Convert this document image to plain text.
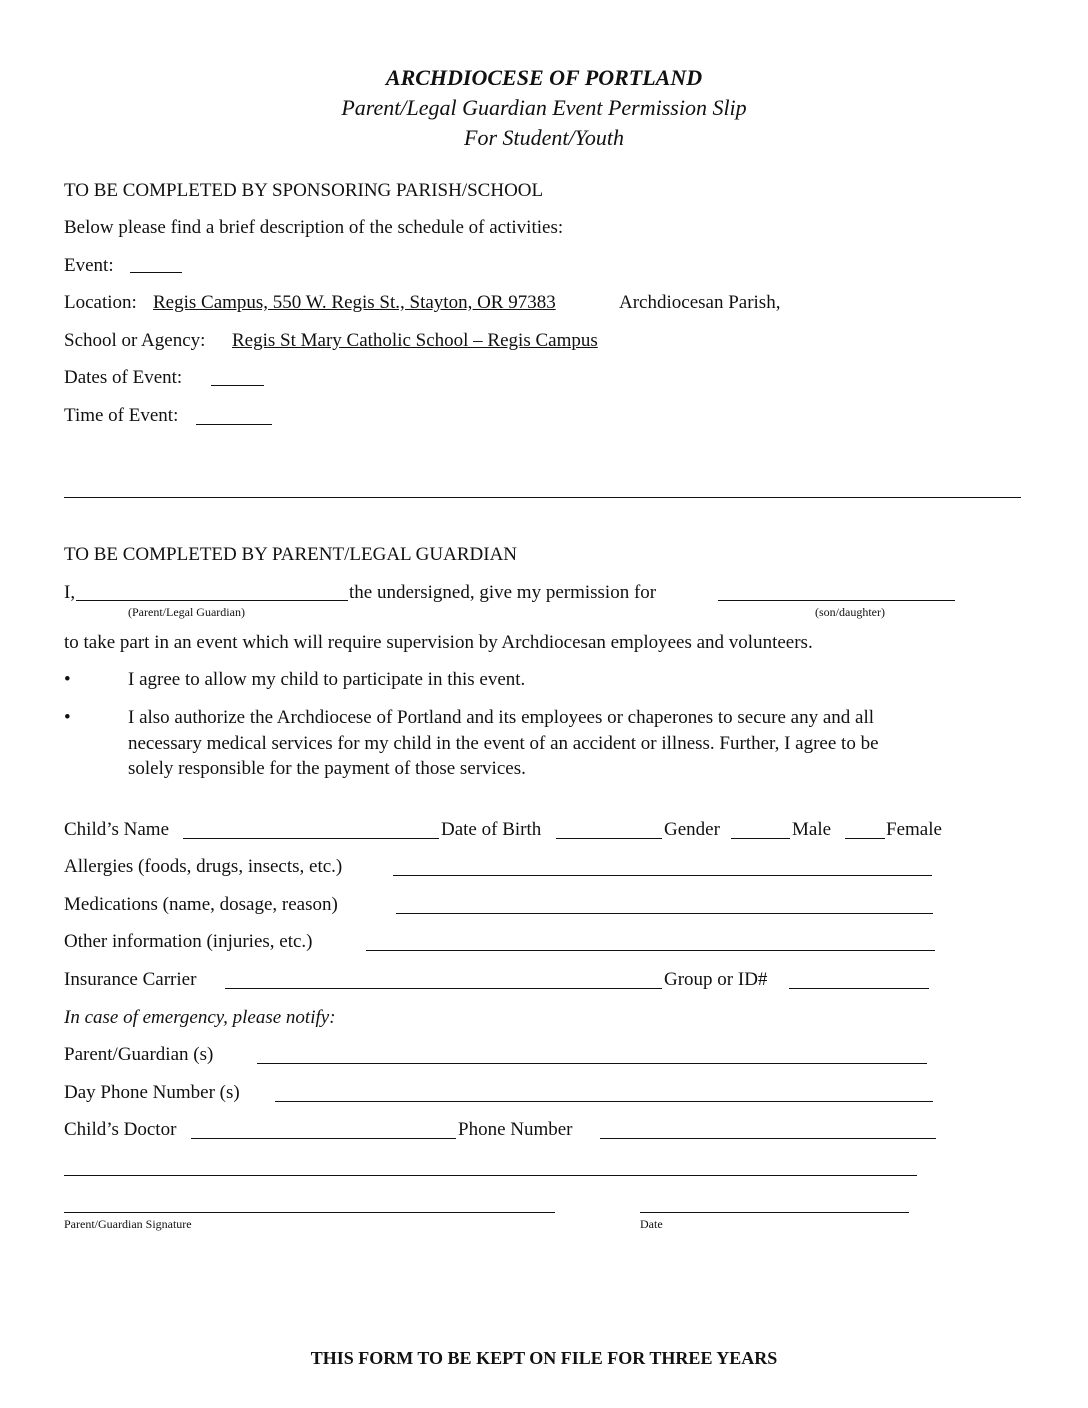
ARCHDIOCESE OF PORTLAND
Parent/Legal Guardian Event Permission Slip
For Student/Youth
TO BE COMPLETED BY SPONSORING PARISH/SCHOOL
Below please find a brief description of the schedule of activities:
Event:
Location: Regis Campus, 550 W. Regis St., Stayton, OR 97383	Archdiocesan Parish,
School or Agency: Regis St Mary Catholic School – Regis Campus
Dates of Event:
Time of Event:
TO BE COMPLETED BY PARENT/LEGAL GUARDIAN
I,	the undersigned, give my permission for
(Parent/Legal Guardian)	(son/daughter)
to take part in an event which will require supervision by Archdiocesan employees and volunteers.
•	I agree to allow my child to participate in this event.
•	I also authorize the Archdiocese of Portland and its employees or chaperones to secure any and all
necessary medical services for my child in the event of an accident or illness. Further, I agree to be
solely responsible for the payment of those services.
Child’s Name	Date of Birth	Gender	Male	Female
Allergies (foods, drugs, insects, etc.)
Medications (name, dosage, reason)
Other information (injuries, etc.)
Insurance Carrier	Group or ID#
In case of emergency, please notify:
Parent/Guardian (s)
Day Phone Number (s)
Child’s Doctor	Phone Number
Parent/Guardian Signature	Date
THIS FORM TO BE KEPT ON FILE FOR THREE YEARS
